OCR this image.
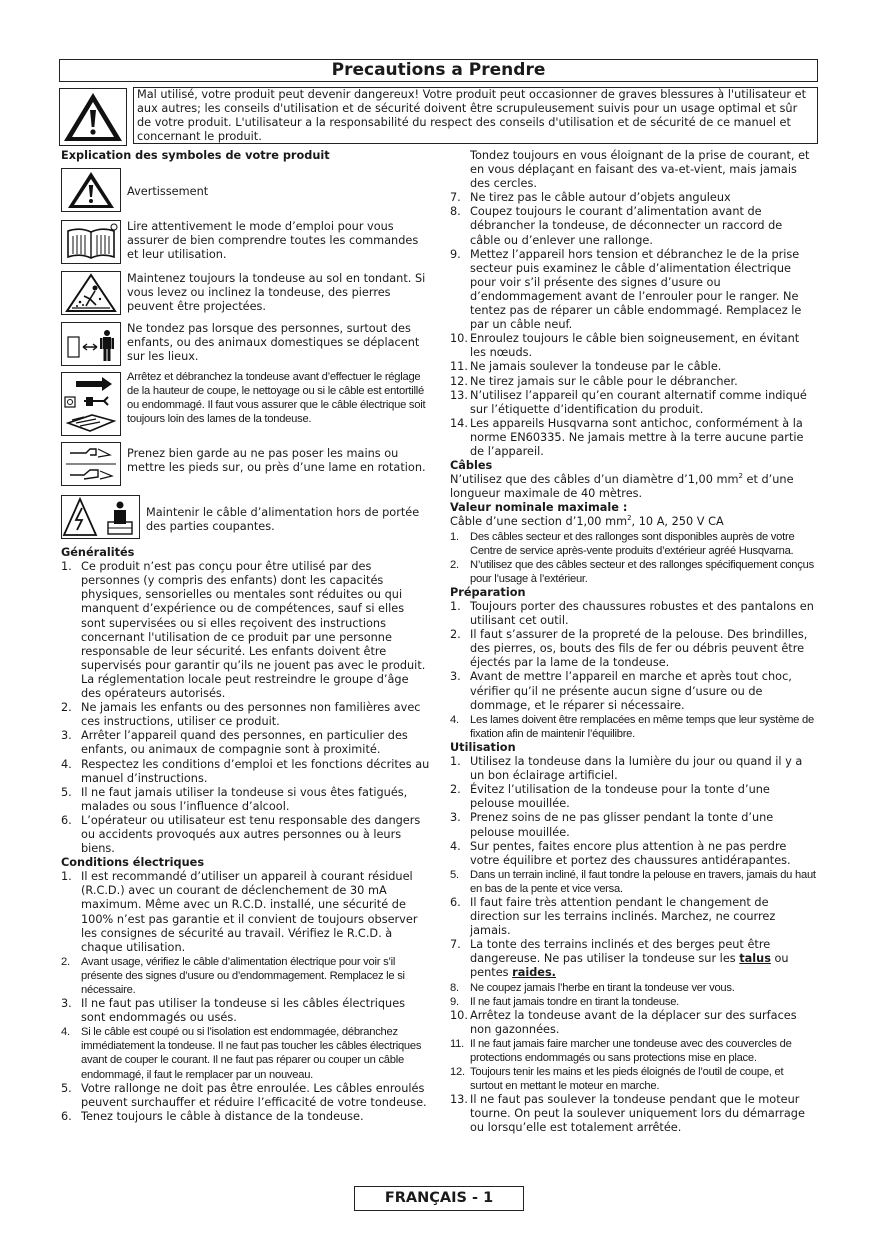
Precautions a Prendre
Mal utilisé, votre produit peut devenir dangereux! Votre produit peut occasionner de graves blessures à l'utilisateur et aux autres; les conseils d'utilisation et de sécurité doivent être scrupuleusement suivis pour un usage optimal et sûr de votre produit. L'utilisateur a la responsabilité du respect des conseils d'utilisation et de sécurité de ce manuel et concernant le produit.
Explication des symboles de votre produit
Avertissement
Lire attentivement le mode d’emploi pour vous assurer de bien comprendre toutes les commandes et leur utilisation.
Maintenez toujours la tondeuse au sol en tondant. Si vous levez ou inclinez la tondeuse, des pierres peuvent être projectées.
Ne tondez pas lorsque des personnes, surtout des enfants, ou des animaux domestiques se déplacent sur les lieux.
Arrêtez et débranchez la tondeuse avant d’effectuer le réglage de la hauteur de coupe, le nettoyage ou si le câble est entortillé ou endommagé. Il faut vous assurer que le câble électrique soit toujours loin des lames de la tondeuse.
Prenez bien garde au ne pas poser les mains ou mettre les pieds sur, ou près d’une lame en rotation.
Maintenir le câble d’alimentation hors de portée des parties coupantes.
Généralités
1. Ce produit n’est pas conçu pour être utilisé par des personnes (y compris des enfants) dont les capacités physiques, sensorielles ou mentales sont réduites ou qui manquent d’expérience ou de compétences, sauf si elles sont supervisées ou si elles reçoivent des instructions concernant l'utilisation de ce produit par une personne responsable de leur sécurité. Les enfants doivent être supervisés pour garantir qu’ils ne jouent pas avec le produit. La réglementation locale peut restreindre le groupe d’âge des opérateurs autorisés.
2. Ne jamais les enfants ou des personnes non familières avec ces instructions, utiliser ce produit.
3. Arrêter l’appareil quand des personnes, en particulier des enfants, ou animaux de compagnie sont à proximité.
4. Respectez les conditions d’emploi et les fonctions décrites au manuel d’instructions.
5. Il ne faut jamais utiliser la tondeuse si vous êtes fatigués, malades ou sous l’influence d’alcool.
6. L’opérateur ou utilisateur est tenu responsable des dangers ou accidents provoqués aux autres personnes ou à leurs biens.
Conditions électriques
1. Il est recommandé d’utiliser un appareil à courant résiduel (R.C.D.) avec un courant de déclenchement de 30 mA maximum. Même avec un R.C.D. installé, une sécurité de 100% n’est pas garantie et il convient de toujours observer les consignes de sécurité au travail. Vérifiez le R.C.D. à chaque utilisation.
2. Avant usage, vérifiez le câble d’alimentation électrique pour voir s’il présente des signes d’usure ou d’endommagement. Remplacez le si nécessaire.
3. Il ne faut pas utiliser la tondeuse si les câbles électriques sont endommagés ou usés.
4. Si le câble est coupé ou si l’isolation est endommagée, débranchez immédiatement la tondeuse. Il ne faut pas toucher les câbles électriques avant de couper le courant. Il ne faut pas réparer ou couper un câble endommagé, il faut le remplacer par un nouveau.
5. Votre rallonge ne doit pas être enroulée. Les câbles enroulés peuvent surchauffer et réduire l’efficacité de votre tondeuse.
6. Tenez toujours le câble à distance de la tondeuse.
Tondez toujours en vous éloignant de la prise de courant, et en vous déplaçant en faisant des va-et-vient, mais jamais des cercles.
7. Ne tirez pas le câble autour d’objets anguleux
8. Coupez toujours le courant d’alimentation avant de débrancher la tondeuse, de déconnecter un raccord de câble ou d’enlever une rallonge.
9. Mettez l’appareil hors tension et débranchez le de la prise secteur puis examinez le câble d’alimentation électrique pour voir s’il présente des signes d’usure ou d’endommagement avant de l’enrouler pour le ranger. Ne tentez pas de réparer un câble endommagé. Remplacez le par un câble neuf.
10. Enroulez toujours le câble bien soigneusement, en évitant les nœuds.
11. Ne jamais soulever la tondeuse par le câble.
12. Ne tirez jamais sur le câble pour le débrancher.
13. N’utilisez l’appareil qu’en courant alternatif comme indiqué sur l’étiquette d’identification du produit.
14. Les appareils Husqvarna sont antichoc, conformément à la norme EN60335. Ne jamais mettre à la terre aucune partie de l’appareil.
Câbles
N’utilisez que des câbles d’un diamètre d’1,00 $mm^2$ et d’une longueur maximale de 40 mètres.
Valeur nominale maximale :
Câble d’une section d’1,00 $mm^2$, 10 A, 250 V CA
1. Des câbles secteur et des rallonges sont disponibles auprès de votre Centre de service après-vente produits d’extérieur agréé Husqvarna.
2. N’utilisez que des câbles secteur et des rallonges spécifiquement conçus pour l’usage à l’extérieur.
Préparation
1. Toujours porter des chaussures robustes et des pantalons en utilisant cet outil.
2. Il faut s’assurer de la propreté de la pelouse. Des brindilles, des pierres, os, bouts des fils de fer ou débris peuvent être éjectés par la lame de la tondeuse.
3. Avant de mettre l’appareil en marche et après tout choc, vérifier qu’il ne présente aucun signe d’usure ou de dommage, et le réparer si nécessaire.
4. Les lames doivent être remplacées en même temps que leur système de fixation afin de maintenir l’équilibre.
Utilisation
1. Utilisez la tondeuse dans la lumière du jour ou quand il y a un bon éclairage artificiel.
2. Évitez l’utilisation de la tondeuse pour la tonte d’une pelouse mouillée.
3. Prenez soins de ne pas glisser pendant la tonte d’une pelouse mouillée.
4. Sur pentes, faites encore plus attention à ne pas perdre votre équilibre et portez des chaussures antidérapantes.
5. Dans un terrain incliné, il faut tondre la pelouse en travers, jamais du haut en bas de la pente et vice versa.
6. Il faut faire très attention pendant le changement de direction sur les terrains inclinés. Marchez, ne courrez jamais.
7. La tonte des terrains inclinés et des berges peut être dangereuse. Ne pas utiliser la tondeuse sur les talus ou pentes raides.
8. Ne coupez jamais l’herbe en tirant la tondeuse ver vous.
9. Il ne faut jamais tondre en tirant la tondeuse.
10. Arrêtez la tondeuse avant de la déplacer sur des surfaces non gazonnées.
11. Il ne faut jamais faire marcher une tondeuse avec des couvercles de protections endommagés ou sans protections mise en place.
12. Toujours tenir les mains et les pieds éloignés de l’outil de coupe, et surtout en mettant le moteur en marche.
13. Il ne faut pas soulever la tondeuse pendant que le moteur tourne. On peut la soulever uniquement lors du démarrage ou lorsqu’elle est totalement arrêtée.
FRANÇAIS - 1
